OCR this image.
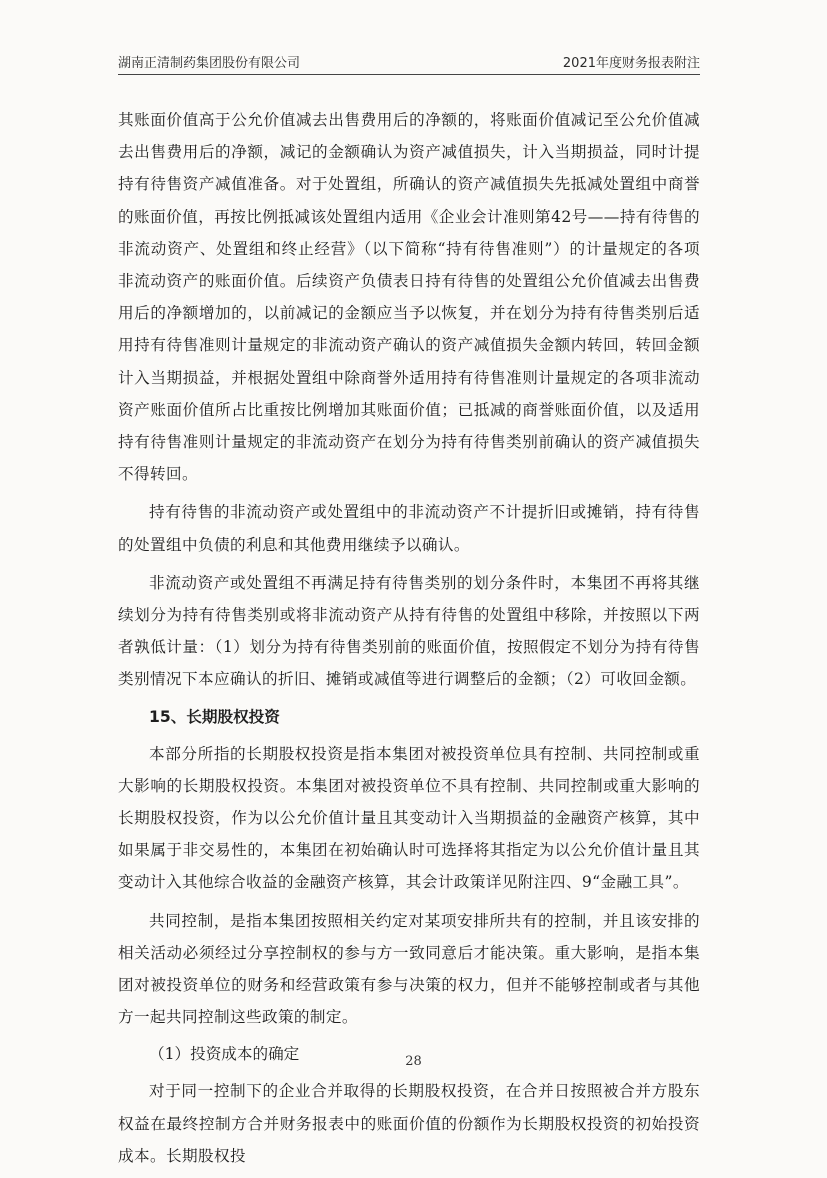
湖南正清制药集团股份有限公司	2021年度财务报表附注

其账面价值高于公允价值减去出售费用后的净额的，将账面价值减记至公允价值减去出售费用后的净额，减记的金额确认为资产减值损失，计入当期损益，同时计提持有待售资产减值准备。对于处置组，所确认的资产减值损失先抵减处置组中商誉的账面价值，再按比例抵减该处置组内适用《企业会计准则第42号——持有待售的非流动资产、处置组和终止经营》（以下简称“持有待售准则”）的计量规定的各项非流动资产的账面价值。后续资产负债表日持有待售的处置组公允价值减去出售费用后的净额增加的，以前减记的金额应当予以恢复，并在划分为持有待售类别后适用持有待售准则计量规定的非流动资产确认的资产减值损失金额内转回，转回金额计入当期损益，并根据处置组中除商誉外适用持有待售准则计量规定的各项非流动资产账面价值所占比重按比例增加其账面价值；已抵减的商誉账面价值，以及适用持有待售准则计量规定的非流动资产在划分为持有待售类别前确认的资产减值损失不得转回。

持有待售的非流动资产或处置组中的非流动资产不计提折旧或摊销，持有待售的处置组中负债的利息和其他费用继续予以确认。

非流动资产或处置组不再满足持有待售类别的划分条件时，本集团不再将其继续划分为持有待售类别或将非流动资产从持有待售的处置组中移除，并按照以下两者孰低计量：（1）划分为持有待售类别前的账面价值，按照假定不划分为持有待售类别情况下本应确认的折旧、摊销或减值等进行调整后的金额；（2）可收回金额。

15、长期股权投资

本部分所指的长期股权投资是指本集团对被投资单位具有控制、共同控制或重大影响的长期股权投资。本集团对被投资单位不具有控制、共同控制或重大影响的长期股权投资，作为以公允价值计量且其变动计入当期损益的金融资产核算，其中如果属于非交易性的，本集团在初始确认时可选择将其指定为以公允价值计量且其变动计入其他综合收益的金融资产核算，其会计政策详见附注四、9“金融工具”。

共同控制，是指本集团按照相关约定对某项安排所共有的控制，并且该安排的相关活动必须经过分享控制权的参与方一致同意后才能决策。重大影响，是指本集团对被投资单位的财务和经营政策有参与决策的权力，但并不能够控制或者与其他方一起共同控制这些政策的制定。

（1）投资成本的确定

对于同一控制下的企业合并取得的长期股权投资，在合并日按照被合并方股东权益在最终控制方合并财务报表中的账面价值的份额作为长期股权投资的初始投资成本。长期股权投

28
